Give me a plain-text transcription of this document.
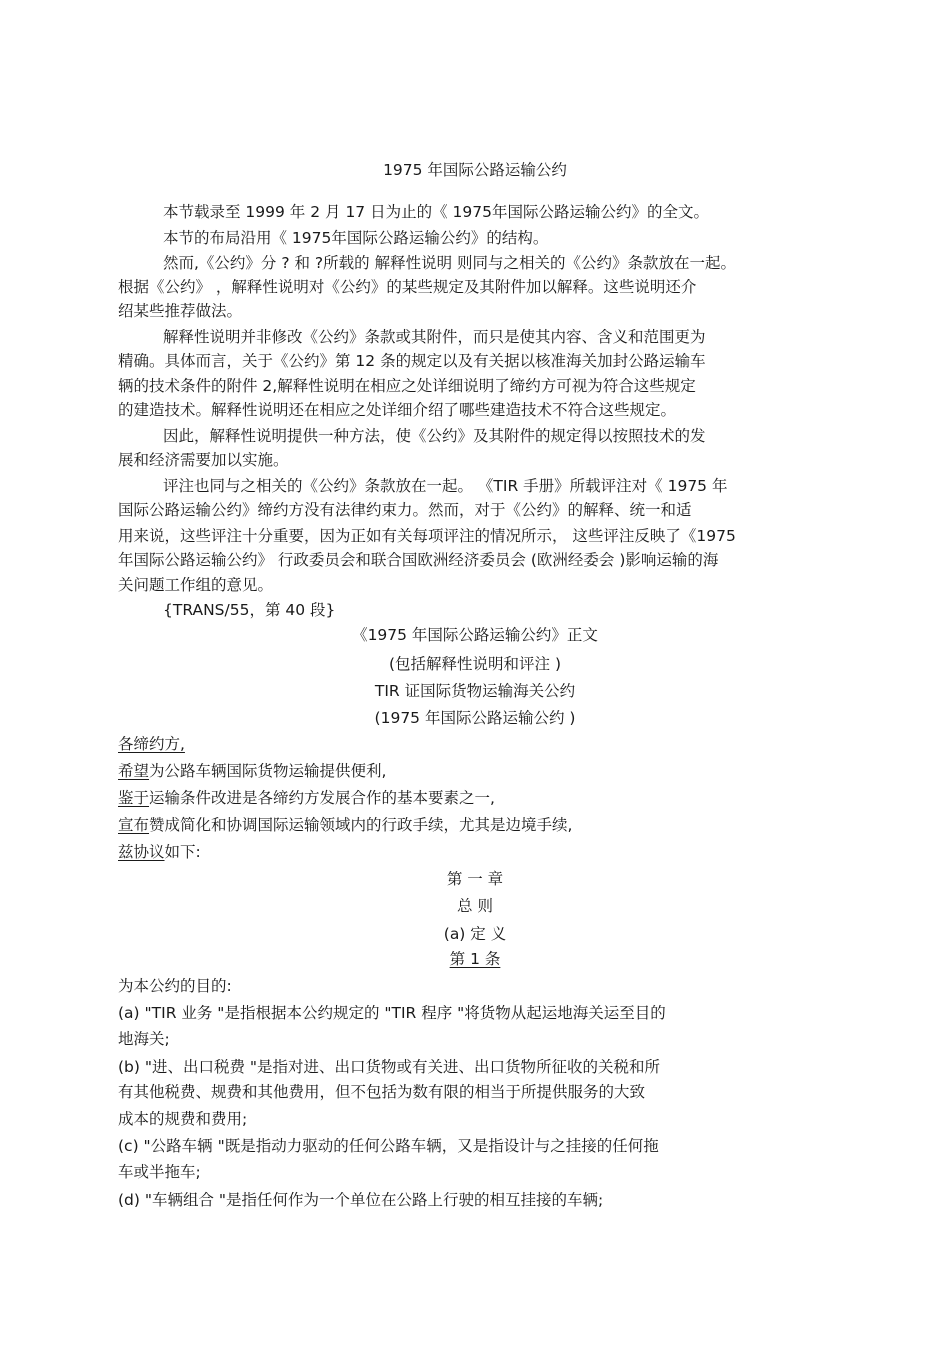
1975 年国际公路运输公约
本节载录至 1999 年 2 月 17 日为止的《 1975年国际公路运输公约》的全文。
本节的布局沿用《 1975年国际公路运输公约》的结构。
然而,《公约》分 ? 和 ?所载的 解释性说明 则同与之相关的《公约》条款放在一起。
根据《公约》 ，解释性说明对《公约》的某些规定及其附件加以解释。这些说明还介
绍某些推荐做法。
解释性说明并非修改《公约》条款或其附件，而只是使其内容、含义和范围更为
精确。具体而言，关于《公约》第 12 条的规定以及有关据以核准海关加封公路运输车
辆的技术条件的附件 2,解释性说明在相应之处详细说明了缔约方可视为符合这些规定
的建造技术。解释性说明还在相应之处详细介绍了哪些建造技术不符合这些规定。
因此，解释性说明提供一种方法，使《公约》及其附件的规定得以按照技术的发
展和经济需要加以实施。
评注也同与之相关的《公约》条款放在一起。 《TIR 手册》所载评注对《 1975 年
国际公路运输公约》缔约方没有法律约束力。然而，对于《公约》的解释、统一和适
用来说，这些评注十分重要，因为正如有关每项评注的情况所示， 这些评注反映了《1975
年国际公路运输公约》 行政委员会和联合国欧洲经济委员会 (欧洲经委会 )影响运输的海
关问题工作组的意见。
{TRANS/55，第 40 段}
《1975 年国际公路运输公约》正文
(包括解释性说明和评注 )
TIR 证国际货物运输海关公约
(1975 年国际公路运输公约 )
各缔约方,
希望为公路车辆国际货物运输提供便利,
鉴于运输条件改进是各缔约方发展合作的基本要素之一,
宣布赞成简化和协调国际运输领域内的行政手续，尤其是边境手续,
兹协议如下:
第 一 章
总 则
(a) 定 义
第 1 条
为本公约的目的:
(a) "TIR 业务 "是指根据本公约规定的 "TIR 程序 "将货物从起运地海关运至目的
地海关;
(b) "进、出口税费 "是指对进、出口货物或有关进、出口货物所征收的关税和所
有其他税费、规费和其他费用，但不包括为数有限的相当于所提供服务的大致
成本的规费和费用;
(c) "公路车辆 "既是指动力驱动的任何公路车辆，又是指设计与之挂接的任何拖
车或半拖车;
(d) "车辆组合 "是指任何作为一个单位在公路上行驶的相互挂接的车辆;
